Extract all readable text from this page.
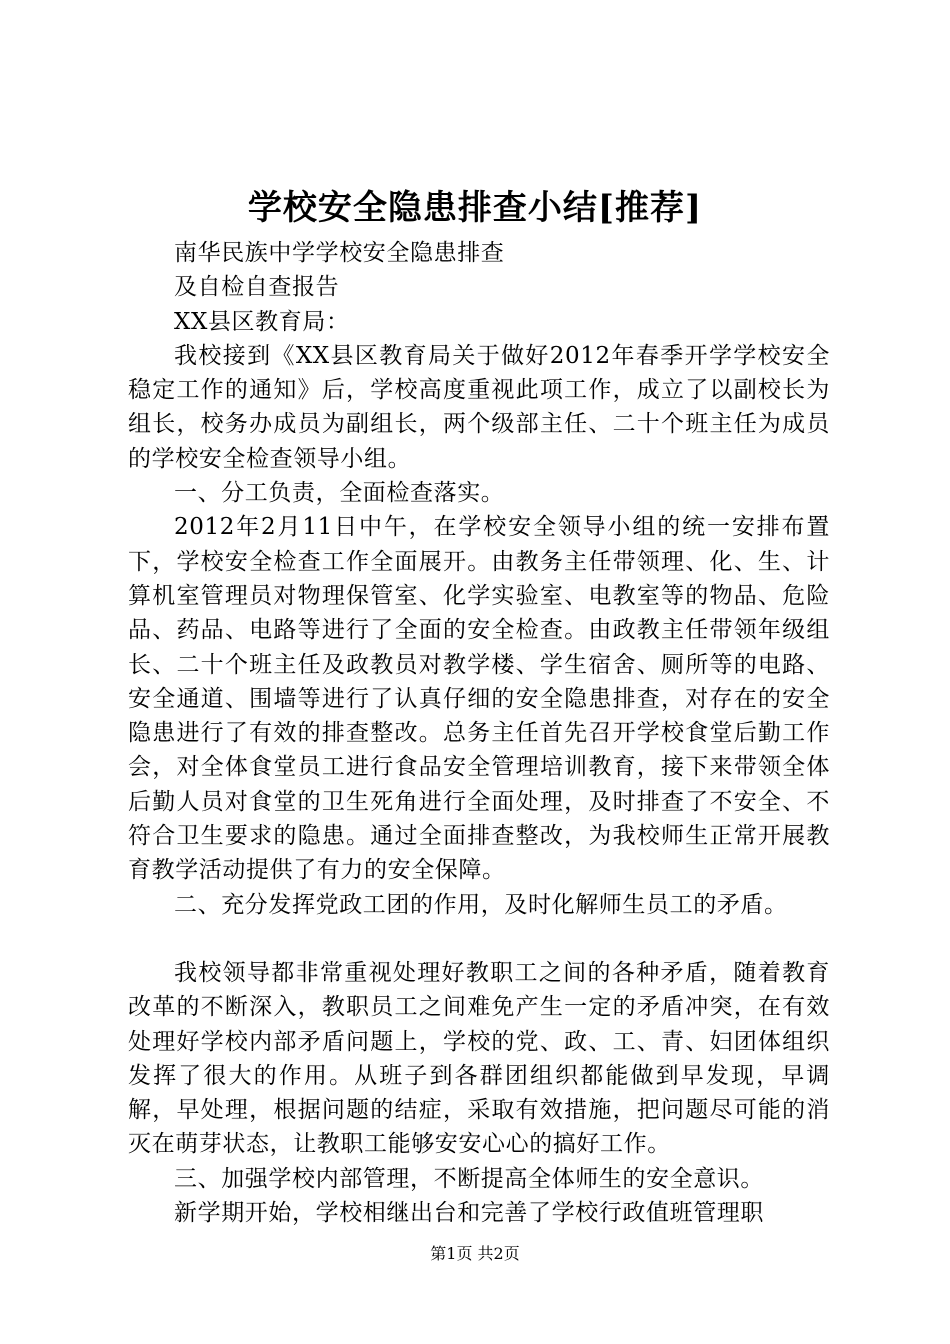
学校安全隐患排查小结[推荐]

南华民族中学学校安全隐患排查

及自检自查报告

XX县区教育局：

我校接到《XX县区教育局关于做好2012年春季开学学校安全稳定工作的通知》后，学校高度重视此项工作，成立了以副校长为组长，校务办成员为副组长，两个级部主任、二十个班主任为成员的学校安全检查领导小组。

一、分工负责，全面检查落实。

2012年2月11日中午，在学校安全领导小组的统一安排布置下，学校安全检查工作全面展开。由教务主任带领理、化、生、计算机室管理员对物理保管室、化学实验室、电教室等的物品、危险品、药品、电路等进行了全面的安全检查。由政教主任带领年级组长、二十个班主任及政教员对教学楼、学生宿舍、厕所等的电路、安全通道、围墙等进行了认真仔细的安全隐患排查，对存在的安全隐患进行了有效的排查整改。总务主任首先召开学校食堂后勤工作会，对全体食堂员工进行食品安全管理培训教育，接下来带领全体后勤人员对食堂的卫生死角进行全面处理，及时排查了不安全、不符合卫生要求的隐患。通过全面排查整改，为我校师生正常开展教育教学活动提供了有力的安全保障。

二、充分发挥党政工团的作用，及时化解师生员工的矛盾。

我校领导都非常重视处理好教职工之间的各种矛盾，随着教育改革的不断深入，教职员工之间难免产生一定的矛盾冲突，在有效处理好学校内部矛盾问题上，学校的党、政、工、青、妇团体组织发挥了很大的作用。从班子到各群团组织都能做到早发现，早调解，早处理，根据问题的结症，采取有效措施，把问题尽可能的消灭在萌芽状态，让教职工能够安安心心的搞好工作。

三、加强学校内部管理，不断提高全体师生的安全意识。

新学期开始，学校相继出台和完善了学校行政值班管理职

第1页 共2页
